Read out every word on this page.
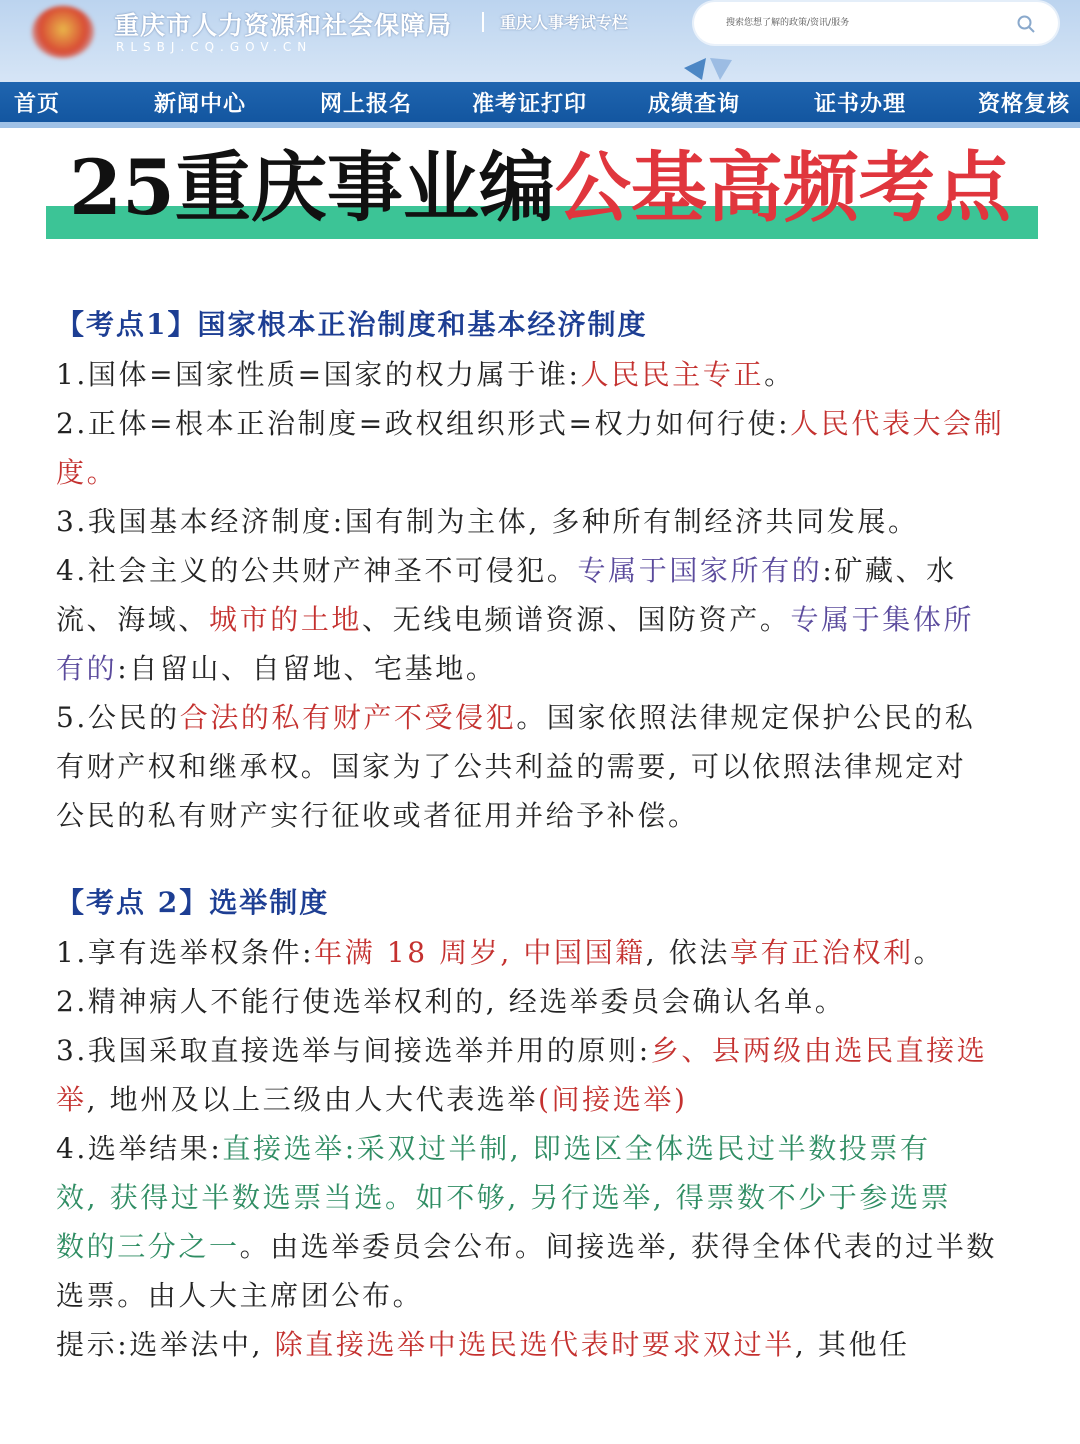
重庆市人力资源和社会保障局	重庆人事考试专栏
RLSBJ.CQ.GOV.CN
搜索您想了解的政策/资讯/服务
首页	新闻中心	网上报名	准考证打印	成绩查询	证书办理	资格复核
25重庆事业编公基高频考点
【考点1】国家根本正治制度和基本经济制度
1.国体=国家性质=国家的权力属于谁:人民民主专正。
2.正体=根本正治制度=政权组织形式=权力如何行使:人民代表大会制
度。
3.我国基本经济制度:国有制为主体, 多种所有制经济共同发展。
4.社会主义的公共财产神圣不可侵犯。专属于国家所有的:矿藏、水
流、海域、城市的土地、无线电频谱资源、国防资产。专属于集体所
有的:自留山、自留地、宅基地。
5.公民的合法的私有财产不受侵犯。国家依照法律规定保护公民的私
有财产权和继承权。国家为了公共利益的需要, 可以依照法律规定对
公民的私有财产实行征收或者征用并给予补偿。
【考点 2】选举制度
1.享有选举权条件:年满 18 周岁, 中国国籍, 依法享有正治权利。
2.精神病人不能行使选举权利的, 经选举委员会确认名单。
3.我国采取直接选举与间接选举并用的原则:乡、县两级由选民直接选
举, 地州及以上三级由人大代表选举(间接选举)
4.选举结果:直接选举:采双过半制, 即选区全体选民过半数投票有
效, 获得过半数选票当选。如不够, 另行选举, 得票数不少于参选票
数的三分之一。由选举委员会公布。间接选举, 获得全体代表的过半数
选票。由人大主席团公布。
提示:选举法中, 除直接选举中选民选代表时要求双过半, 其他任
